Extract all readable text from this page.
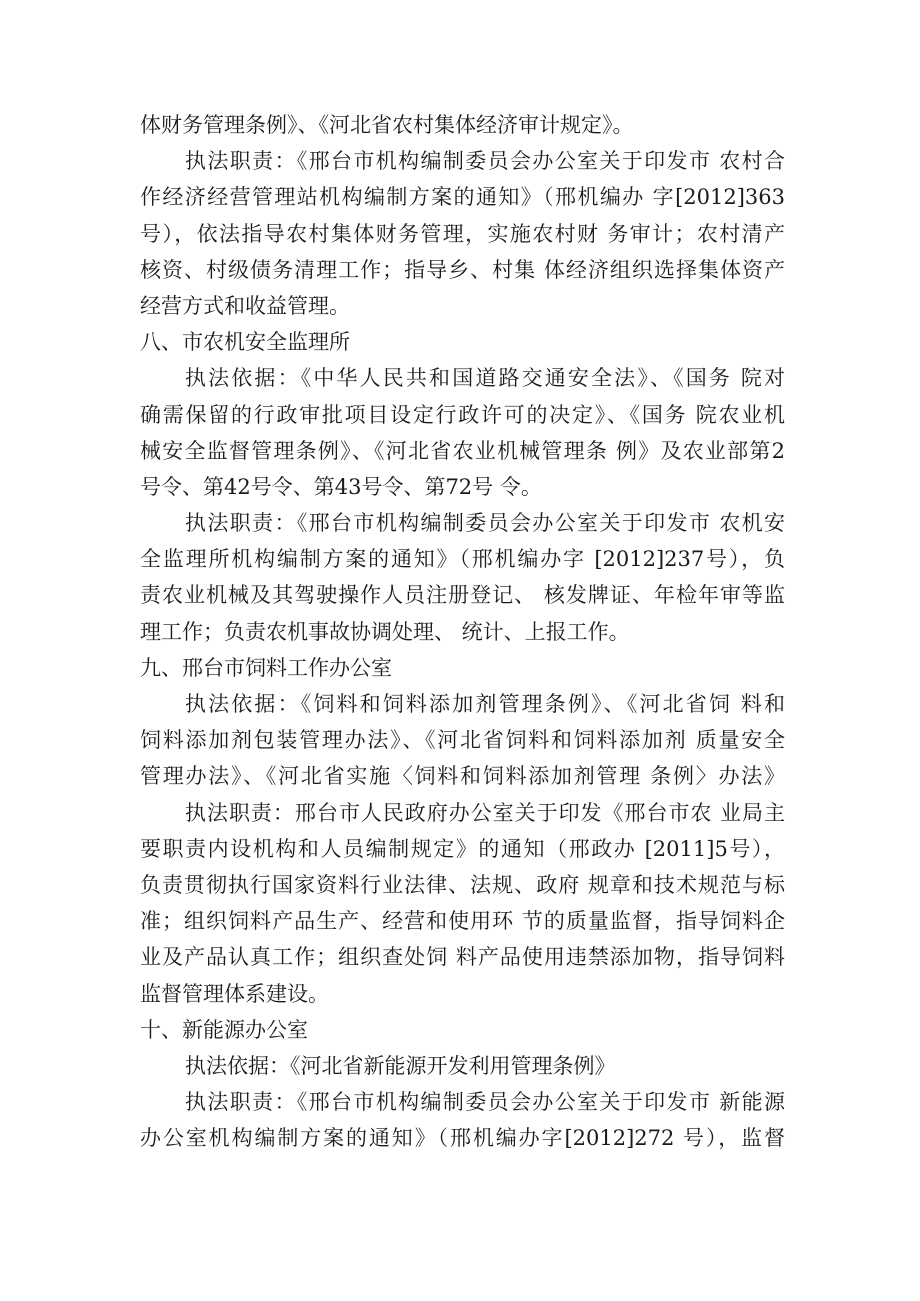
体财务管理条例》、《河北省农村集体经济审计规定》。
执法职责：《邢台市机构编制委员会办公室关于印发市 农村合
作经济经营管理站机构编制方案的通知》（邢机编办 字[2012]363
号），依法指导农村集体财务管理，实施农村财 务审计；农村清产
核资、村级债务清理工作；指导乡、村集 体经济组织选择集体资产
经营方式和收益管理。
八、市农机安全监理所
执法依据：《中华人民共和国道路交通安全法》、《国务 院对
确需保留的行政审批项目设定行政许可的决定》、《国务 院农业机
械安全监督管理条例》、《河北省农业机械管理条 例》及农业部第2
号令、第42号令、第43号令、第72号 令。
执法职责：《邢台市机构编制委员会办公室关于印发市 农机安
全监理所机构编制方案的通知》（邢机编办字 [2012]237号），负
责农业机械及其驾驶操作人员注册登记、 核发牌证、年检年审等监
理工作；负责农机事故协调处理、 统计、上报工作。
九、邢台市饲料工作办公室
执法依据：《饲料和饲料添加剂管理条例》、《河北省饲 料和
饲料添加剂包装管理办法》、《河北省饲料和饲料添加剂 质量安全
管理办法》、《河北省实施〈饲料和饲料添加剂管理 条例〉办法》
执法职责：邢台市人民政府办公室关于印发《邢台市农 业局主
要职责内设机构和人员编制规定》的通知（邢政办 [2011]5号），
负责贯彻执行国家资料行业法律、法规、政府 规章和技术规范与标
准；组织饲料产品生产、经营和使用环 节的质量监督，指导饲料企
业及产品认真工作；组织查处饲 料产品使用违禁添加物，指导饲料
监督管理体系建设。
十、新能源办公室
执法依据：《河北省新能源开发利用管理条例》
执法职责：《邢台市机构编制委员会办公室关于印发市 新能源
办公室机构编制方案的通知》（邢机编办字[2012]272 号），监督
